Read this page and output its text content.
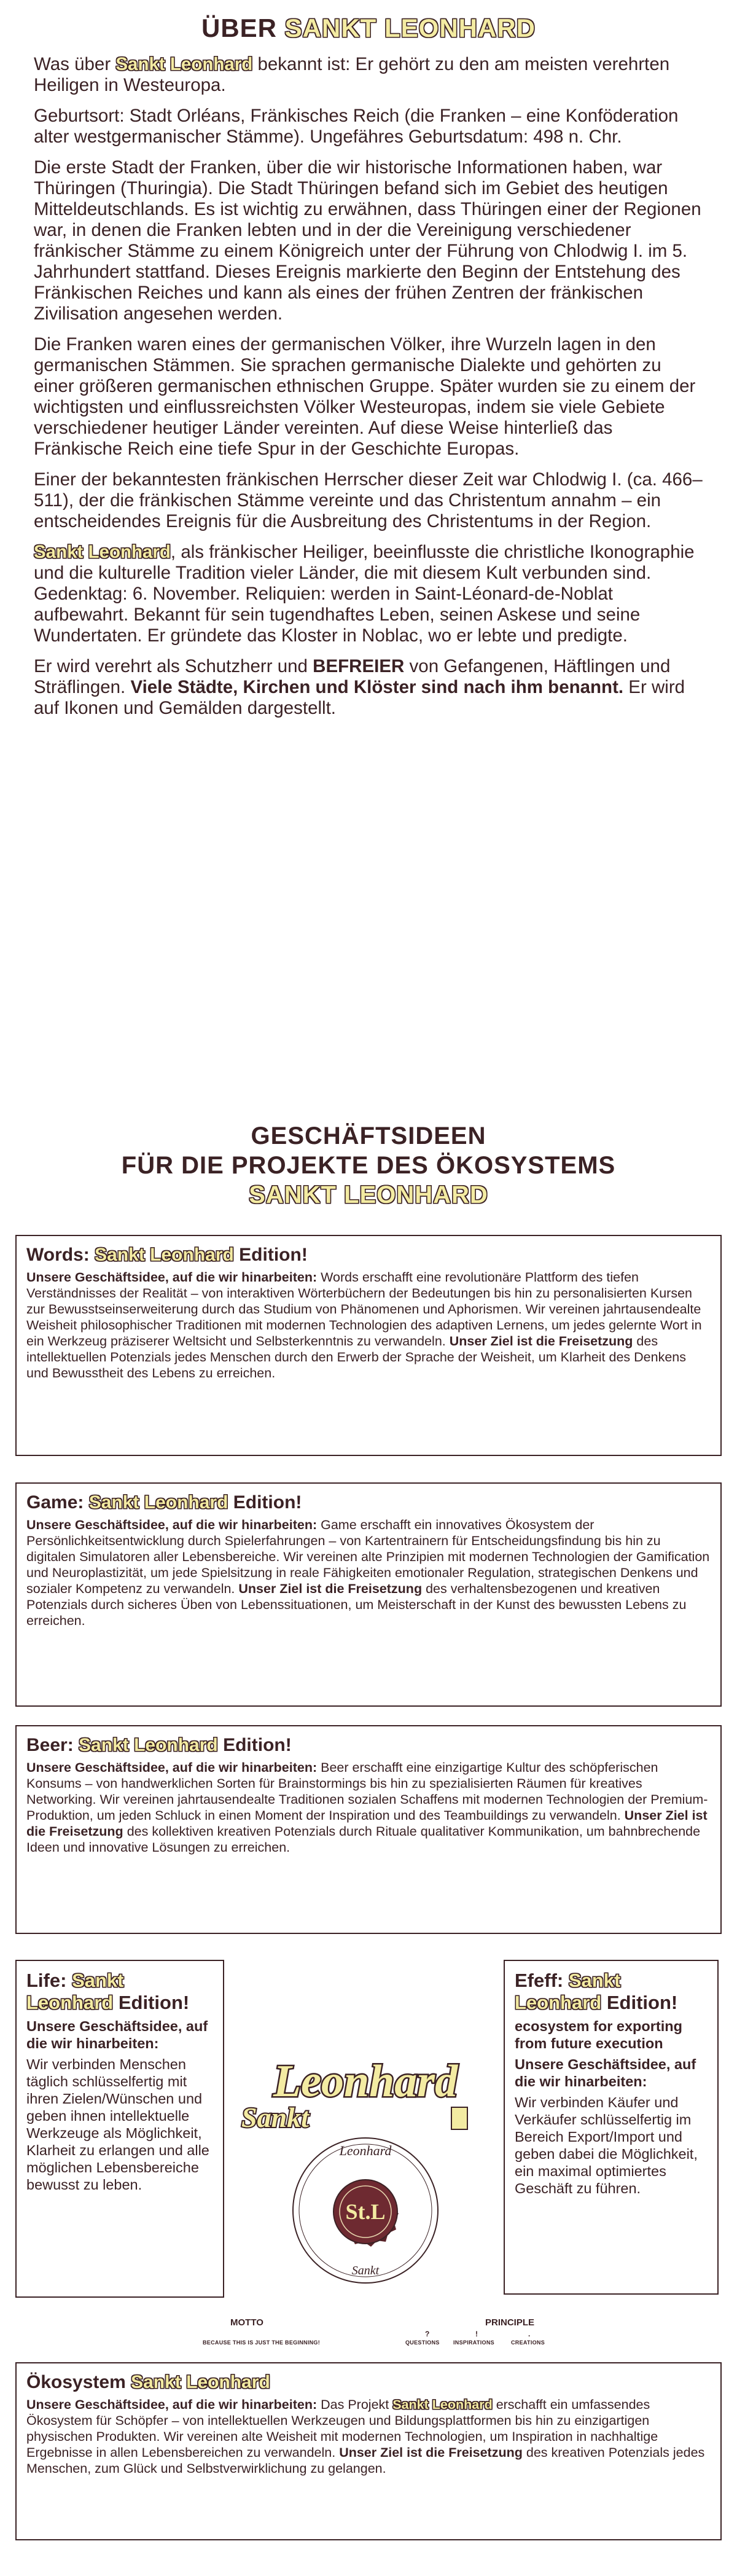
ÜBER SANKT LEONHARD

Was über Sankt Leonhard bekannt ist: Er gehört zu den am meisten verehrten Heiligen in Westeuropa.

Geburtsort: Stadt Orléans, Fränkisches Reich (die Franken – eine Konföderation alter westgermanischer Stämme). Ungefähres Geburtsdatum: 498 n. Chr.

Die erste Stadt der Franken, über die wir historische Informationen haben, war Thüringen (Thuringia). Die Stadt Thüringen befand sich im Gebiet des heutigen Mitteldeutschlands. Es ist wichtig zu erwähnen, dass Thüringen einer der Regionen war, in denen die Franken lebten und in der die Vereinigung verschiedener fränkischer Stämme zu einem Königreich unter der Führung von Chlodwig I. im 5. Jahrhundert stattfand. Dieses Ereignis markierte den Beginn der Entstehung des Fränkischen Reiches und kann als eines der frühen Zentren der fränkischen Zivilisation angesehen werden.

Die Franken waren eines der germanischen Völker, ihre Wurzeln lagen in den germanischen Stämmen. Sie sprachen germanische Dialekte und gehörten zu einer größeren germanischen ethnischen Gruppe. Später wurden sie zu einem der wichtigsten und einflussreichsten Völker Westeuropas, indem sie viele Gebiete verschiedener heutiger Länder vereinten. Auf diese Weise hinterließ das Fränkische Reich eine tiefe Spur in der Geschichte Europas.

Einer der bekanntesten fränkischen Herrscher dieser Zeit war Chlodwig I. (ca. 466–511), der die fränkischen Stämme vereinte und das Christentum annahm – ein entscheidendes Ereignis für die Ausbreitung des Christentums in der Region.

Sankt Leonhard, als fränkischer Heiliger, beeinflusste die christliche Ikonographie und die kulturelle Tradition vieler Länder, die mit diesem Kult verbunden sind. Gedenktag: 6. November. Reliquien: werden in Saint-Léonard-de-Noblat aufbewahrt. Bekannt für sein tugendhaftes Leben, seinen Askese und seine Wundertaten. Er gründete das Kloster in Noblac, wo er lebte und predigte.

Er wird verehrt als Schutzherr und BEFREIER von Gefangenen, Häftlingen und Sträflingen. Viele Städte, Kirchen und Klöster sind nach ihm benannt. Er wird auf Ikonen und Gemälden dargestellt.

GESCHÄFTSIDEEN
FÜR DIE PROJEKTE DES ÖKOSYSTEMS
SANKT LEONHARD
Words: Sankt Leonhard Edition!
Unsere Geschäftsidee, auf die wir hinarbeiten: Words erschafft eine revolutionäre Plattform des tiefen Verständnisses der Realität – von interaktiven Wörterbüchern der Bedeutungen bis hin zu personalisierten Kursen zur Bewusstseinserweiterung durch das Studium von Phänomenen und Aphorismen. Wir vereinen jahrtausendealte Weisheit philosophischer Traditionen mit modernen Technologien des adaptiven Lernens, um jedes gelernte Wort in ein Werkzeug präziserer Weltsicht und Selbsterkenntnis zu verwandeln. Unser Ziel ist die Freisetzung des intellektuellen Potenzials jedes Menschen durch den Erwerb der Sprache der Weisheit, um Klarheit des Denkens und Bewusstheit des Lebens zu erreichen.
Game: Sankt Leonhard Edition!
Unsere Geschäftsidee, auf die wir hinarbeiten: Game erschafft ein innovatives Ökosystem der Persönlichkeitsentwicklung durch Spielerfahrungen – von Kartentrainern für Entscheidungsfindung bis hin zu digitalen Simulatoren aller Lebensbereiche. Wir vereinen alte Prinzipien mit modernen Technologien der Gamification und Neuroplastizität, um jede Spielsitzung in reale Fähigkeiten emotionaler Regulation, strategischen Denkens und sozialer Kompetenz zu verwandeln. Unser Ziel ist die Freisetzung des verhaltensbezogenen und kreativen Potenzials durch sicheres Üben von Lebenssituationen, um Meisterschaft in der Kunst des bewussten Lebens zu erreichen.
Beer: Sankt Leonhard Edition!
Unsere Geschäftsidee, auf die wir hinarbeiten: Beer erschafft eine einzigartige Kultur des schöpferischen Konsums – von handwerklichen Sorten für Brainstormings bis hin zu spezialisierten Räumen für kreatives Networking. Wir vereinen jahrtausendealte Traditionen sozialen Schaffens mit modernen Technologien der Premium-Produktion, um jeden Schluck in einen Moment der Inspiration und des Teambuildings zu verwandeln. Unser Ziel ist die Freisetzung des kollektiven kreativen Potenzials durch Rituale qualitativer Kommunikation, um bahnbrechende Ideen und innovative Lösungen zu erreichen.
Life: Sankt Leonhard Edition!
Unsere Geschäftsidee, auf die wir hinarbeiten:
Wir verbinden Menschen täglich schlüsselfertig mit ihren Zielen/Wünschen und geben ihnen intellektuelle Werkzeuge als Möglichkeit, Klarheit zu erlangen und alle möglichen Lebensbereiche bewusst zu leben.
Efeff: Sankt Leonhard Edition!
ecosystem for exporting from future execution
Unsere Geschäftsidee, auf die wir hinarbeiten:
Wir verbinden Käufer und Verkäufer schlüsselfertig im Bereich Export/Import und geben dabei die Möglichkeit, ein maximal optimiertes Geschäft zu führen.
Leonhard
Sankt
St.L
Leonhard
Sankt
MOTTO
BECAUSE THIS IS JUST THE BEGINNING!
PRINCIPLE
?
QUESTIONS
!
INSPIRATIONS
.
CREATIONS
Ökosystem Sankt Leonhard
Unsere Geschäftsidee, auf die wir hinarbeiten: Das Projekt Sankt Leonhard erschafft ein umfassendes Ökosystem für Schöpfer – von intellektuellen Werkzeugen und Bildungsplattformen bis hin zu einzigartigen physischen Produkten. Wir vereinen alte Weisheit mit modernen Technologien, um Inspiration in nachhaltige Ergebnisse in allen Lebensbereichen zu verwandeln. Unser Ziel ist die Freisetzung des kreativen Potenzials jedes Menschen, zum Glück und Selbstverwirklichung zu gelangen.
